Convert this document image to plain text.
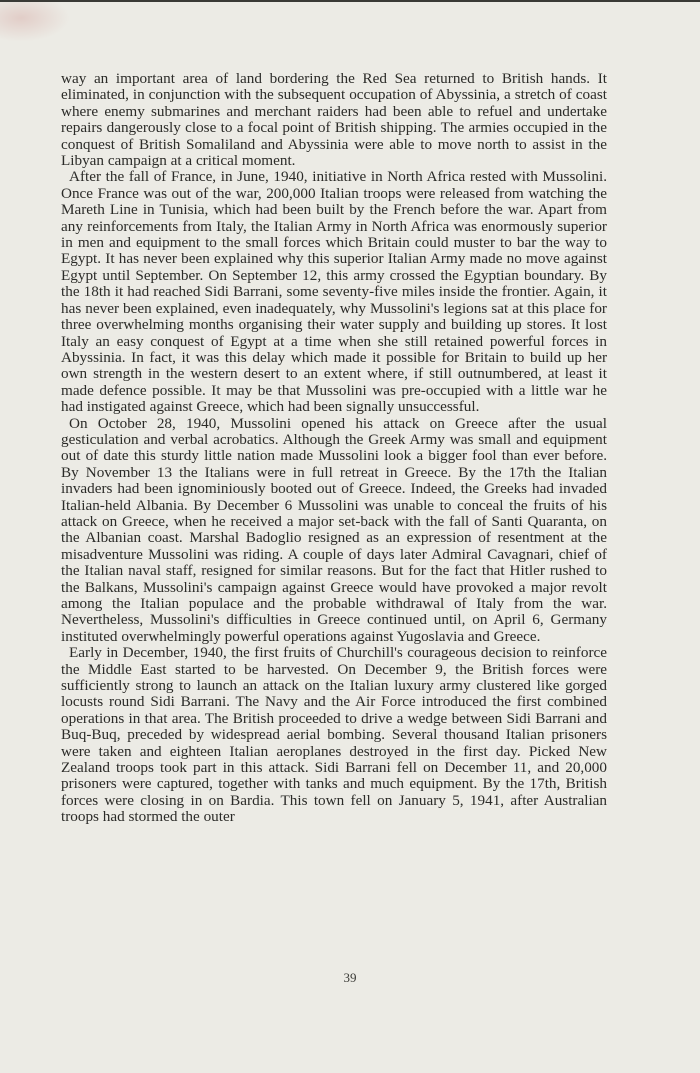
way an important area of land bordering the Red Sea returned to British hands. It eliminated, in conjunction with the subsequent occupation of Abyssinia, a stretch of coast where enemy submarines and merchant raiders had been able to refuel and undertake repairs dangerously close to a focal point of British shipping. The armies occupied in the conquest of British Somaliland and Abyssinia were able to move north to assist in the Libyan campaign at a critical moment.

After the fall of France, in June, 1940, initiative in North Africa rested with Mussolini. Once France was out of the war, 200,000 Italian troops were released from watching the Mareth Line in Tunisia, which had been built by the French before the war. Apart from any reinforcements from Italy, the Italian Army in North Africa was enormously superior in men and equipment to the small forces which Britain could muster to bar the way to Egypt. It has never been explained why this superior Italian Army made no move against Egypt until September. On September 12, this army crossed the Egyptian boundary. By the 18th it had reached Sidi Barrani, some seventy-five miles inside the frontier. Again, it has never been explained, even inadequately, why Mussolini's legions sat at this place for three overwhelming months organising their water supply and building up stores. It lost Italy an easy conquest of Egypt at a time when she still retained powerful forces in Abyssinia. In fact, it was this delay which made it possible for Britain to build up her own strength in the western desert to an extent where, if still outnumbered, at least it made defence possible. It may be that Mussolini was pre-occupied with a little war he had instigated against Greece, which had been signally unsuccessful.

On October 28, 1940, Mussolini opened his attack on Greece after the usual gesticulation and verbal acrobatics. Although the Greek Army was small and equipment out of date this sturdy little nation made Mussolini look a bigger fool than ever before. By November 13 the Italians were in full retreat in Greece. By the 17th the Italian invaders had been ignominiously booted out of Greece. Indeed, the Greeks had invaded Italian-held Albania. By December 6 Mussolini was unable to conceal the fruits of his attack on Greece, when he received a major set-back with the fall of Santi Quaranta, on the Albanian coast. Marshal Badoglio resigned as an expression of resentment at the misadventure Mussolini was riding. A couple of days later Admiral Cavagnari, chief of the Italian naval staff, resigned for similar reasons. But for the fact that Hitler rushed to the Balkans, Mussolini's campaign against Greece would have provoked a major revolt among the Italian populace and the probable withdrawal of Italy from the war. Nevertheless, Mussolini's difficulties in Greece continued until, on April 6, Germany instituted overwhelmingly powerful operations against Yugoslavia and Greece.

Early in December, 1940, the first fruits of Churchill's courageous decision to reinforce the Middle East started to be harvested. On December 9, the British forces were sufficiently strong to launch an attack on the Italian luxury army clustered like gorged locusts round Sidi Barrani. The Navy and the Air Force introduced the first combined operations in that area. The British proceeded to drive a wedge between Sidi Barrani and Buq-Buq, preceded by widespread aerial bombing. Several thousand Italian prisoners were taken and eighteen Italian aeroplanes destroyed in the first day. Picked New Zealand troops took part in this attack. Sidi Barrani fell on December 11, and 20,000 prisoners were captured, together with tanks and much equipment. By the 17th, British forces were closing in on Bardia. This town fell on January 5, 1941, after Australian troops had stormed the outer

39
